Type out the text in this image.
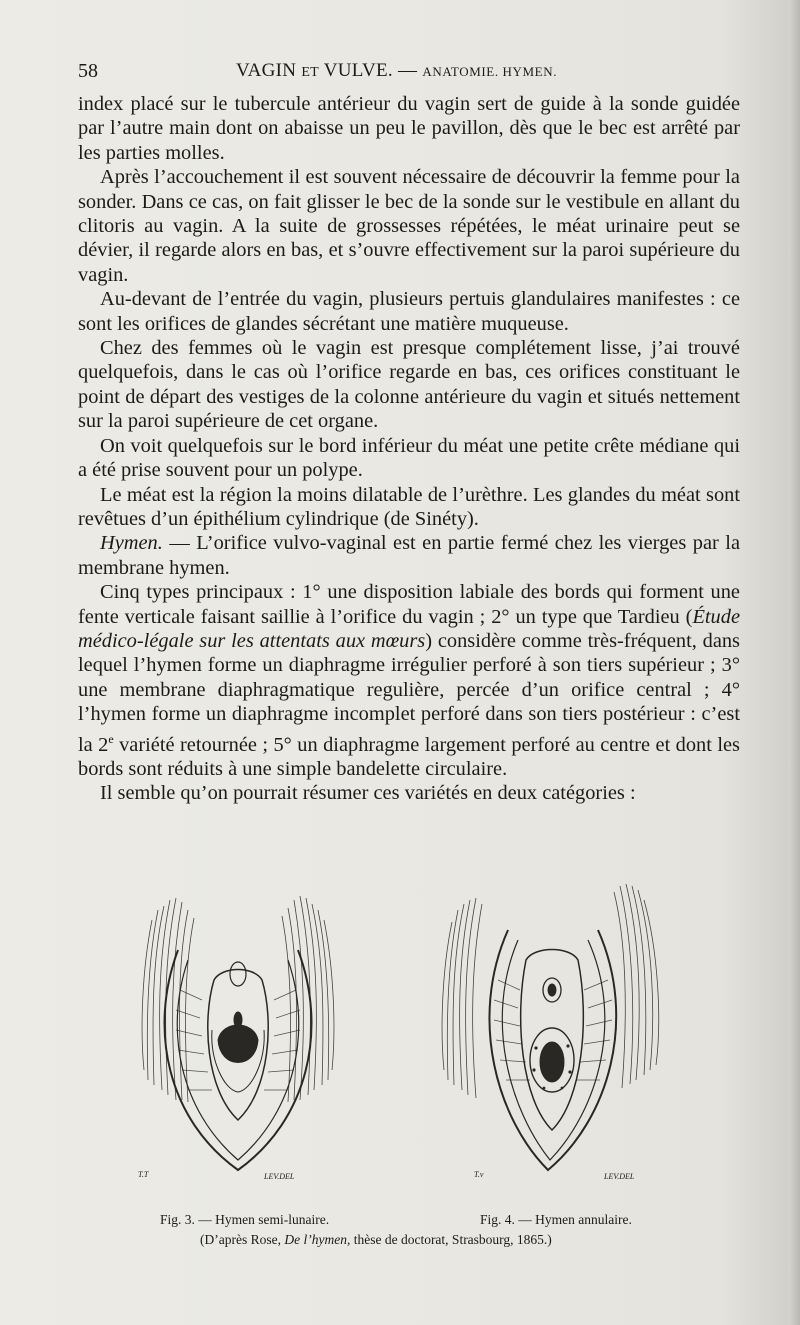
58	VAGIN ET VULVE. — ANATOMIE. HYMEN.

index placé sur le tubercule antérieur du vagin sert de guide à la sonde guidée par l’autre main dont on abaisse un peu le pavillon, dès que le bec est arrêté par les parties molles.

Après l’accouchement il est souvent nécessaire de découvrir la femme pour la sonder. Dans ce cas, on fait glisser le bec de la sonde sur le vestibule en allant du clitoris au vagin. A la suite de grossesses répétées, le méat urinaire peut se dévier, il regarde alors en bas, et s’ouvre effectivement sur la paroi supérieure du vagin.

Au-devant de l’entrée du vagin, plusieurs pertuis glandulaires manifestes : ce sont les orifices de glandes sécrétant une matière muqueuse.

Chez des femmes où le vagin est presque complétement lisse, j’ai trouvé quelquefois, dans le cas où l’orifice regarde en bas, ces orifices constituant le point de départ des vestiges de la colonne antérieure du vagin et situés nettement sur la paroi supérieure de cet organe.

On voit quelquefois sur le bord inférieur du méat une petite crête médiane qui a été prise souvent pour un polype.

Le méat est la région la moins dilatable de l’urèthre. Les glandes du méat sont revêtues d’un épithélium cylindrique (de Sinéty).

Hymen. — L’orifice vulvo-vaginal est en partie fermé chez les vierges par la membrane hymen.

Cinq types principaux : 1° une disposition labiale des bords qui forment une fente verticale faisant saillie à l’orifice du vagin ; 2° un type que Tardieu (Étude médico-légale sur les attentats aux mœurs) considère comme très-fréquent, dans lequel l’hymen forme un diaphragme irrégulier perforé à son tiers supérieur ; 3° une membrane diaphragmatique regulière, percée d’un orifice central ; 4° l’hymen forme un diaphragme incomplet perforé dans son tiers postérieur : c’est la 2e variété retournée ; 5° un diaphragme largement perforé au centre et dont les bords sont réduits à une simple bandelette circulaire.

Il semble qu’on pourrait résumer ces variétés en deux catégories :

T.T	LEV.DEL	T.v	LEV.DEL
Fig. 3. — Hymen semi-lunaire.	Fig. 4. — Hymen annulaire.
(D’après Rose, De l’hymen, thèse de doctorat, Strasbourg, 1865.)
